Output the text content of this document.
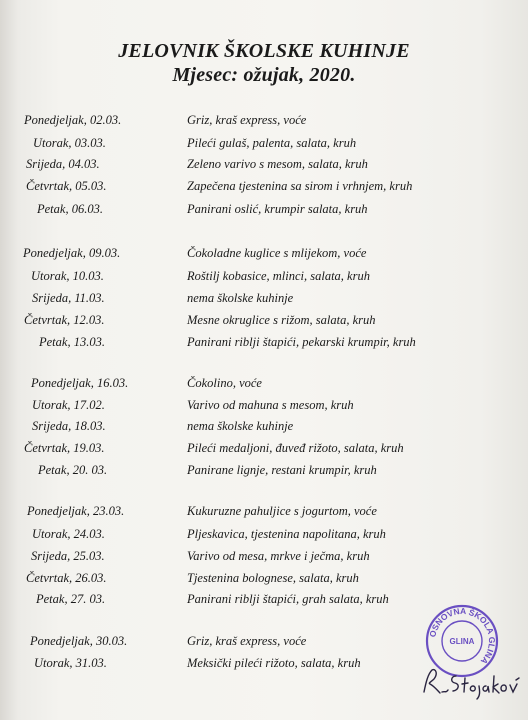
JELOVNIK ŠKOLSKE KUHINJE
Mjesec: ožujak, 2020.
Ponedjeljak, 02.03.	Griz, kraš express, voće
Utorak, 03.03.	Pileći gulaš, palenta, salata, kruh
Srijeda, 04.03.	Zeleno varivo s mesom, salata, kruh
Četvrtak, 05.03.	Zapečena tjestenina sa sirom i vrhnjem, kruh
Petak, 06.03.	Panirani oslić, krumpir salata, kruh
Ponedjeljak, 09.03.	Čokoladne kuglice s mlijekom, voće
Utorak, 10.03.	Roštilj kobasice, mlinci, salata, kruh
Srijeda, 11.03.	nema školske kuhinje
Četvrtak, 12.03.	Mesne okruglice s rižom, salata, kruh
Petak, 13.03.	Panirani riblji štapići, pekarski krumpir, kruh
Ponedjeljak, 16.03.	Čokolino, voće
Utorak, 17.02.	Varivo od mahuna s mesom, kruh
Srijeda, 18.03.	nema školske kuhinje
Četvrtak, 19.03.	Pileći medaljoni, đuveđ rižoto, salata, kruh
Petak, 20. 03.	Panirane lignje, restani krumpir, kruh
Ponedjeljak, 23.03.	Kukuruzne pahuljice s jogurtom, voće
Utorak, 24.03.	Pljeskavica, tjestenina napolitana, kruh
Srijeda, 25.03.	Varivo od mesa, mrkve i ječma, kruh
Četvrtak, 26.03.	Tjestenina bolognese, salata, kruh
Petak, 27. 03.	Panirani riblji štapići, grah salata, kruh
Ponedjeljak, 30.03.	Griz, kraš express, voće
Utorak, 31.03.	Meksički pileći rižoto, salata, kruh
OSNOVNA ŠKOLA GLINA
GLINA
